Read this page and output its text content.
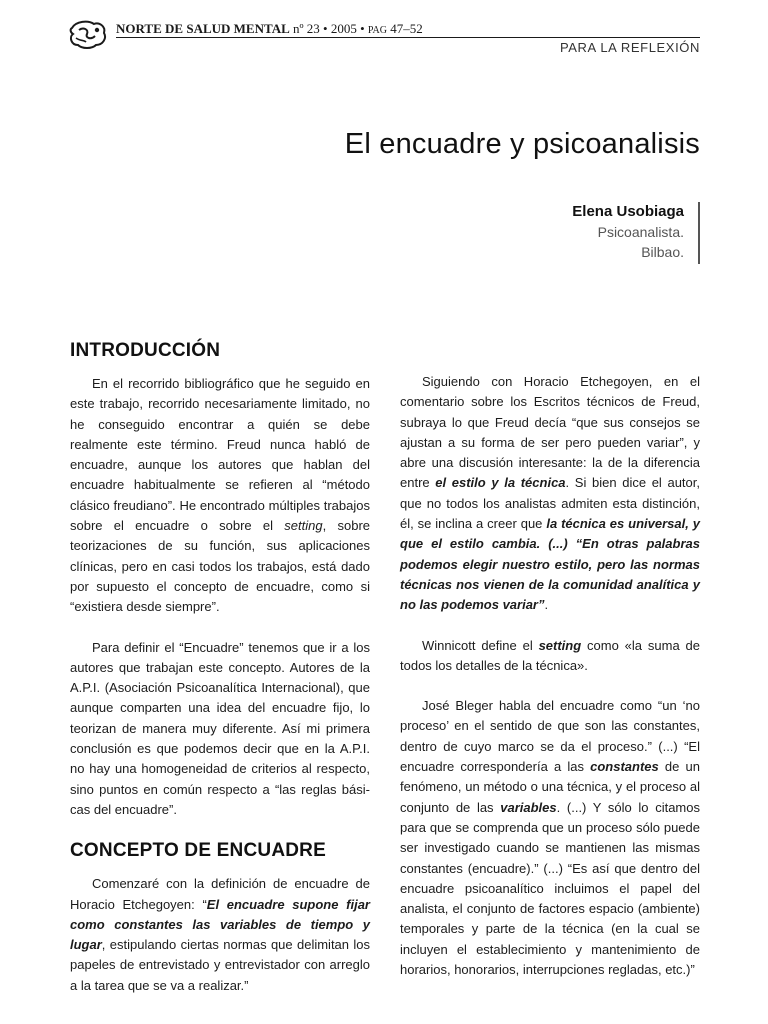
NORTE DE SALUD MENTAL nº 23 • 2005 • PAG 47–52

PARA LA REFLEXIÓN

El encuadre y psicoanalisis

Elena Usobiaga

Psicoanalista.

Bilbao.

INTRODUCCIÓN

En el recorrido bibliográfico que he seguido en este trabajo, recorrido necesariamente limitado, no he conseguido encontrar a quién se debe realmente este término. Freud nunca habló de encuadre, aunque los autores que hablan del encuadre habitualmente se refieren al “método clásico freudiano”. He encontrado múltiples trabajos sobre el encuadre o sobre el setting, sobre teorizaciones de su función, sus aplicaciones clínicas, pero en casi todos los trabajos, está dado por supuesto el concepto de encuadre, como si “existiera desde siempre”.

Para definir el “Encuadre” tenemos que ir a los autores que trabajan este concepto. Autores de la A.P.I. (Asociación Psicoanalítica Internacional), que aunque comparten una idea del encuadre fijo, lo teorizan de manera muy diferente. Así mi primera conclusión es que podemos decir que en la A.P.I. no hay una homogeneidad de criterios al respecto, sino puntos en común respecto a “las reglas básicas del encuadre”.

CONCEPTO DE ENCUADRE

Comenzaré con la definición de encuadre de Horacio Etchegoyen: “El encuadre supone fijar como constantes las variables de tiempo y lugar, estipulando ciertas normas que delimitan los papeles de entrevistado y entrevistador con arreglo a la tarea que se va a realizar.”

Siguiendo con Horacio Etchegoyen, en el comentario sobre los Escritos técnicos de Freud, subraya lo que Freud decía “que sus consejos se ajustan a su forma de ser pero pueden variar”, y abre una discusión interesante: la de la diferencia entre el estilo y la técnica. Si bien dice el autor, que no todos los analistas admiten esta distinción, él, se inclina a creer que la técnica es universal, y que el estilo cambia. (...) “En otras palabras podemos elegir nuestro estilo, pero las normas técnicas nos vienen de la comunidad analítica y no las podemos variar”.

Winnicott define el setting como «la suma de todos los detalles de la técnica».

José Bleger habla del encuadre como “un ‘no proceso’ en el sentido de que son las constantes, dentro de cuyo marco se da el proceso.” (...) “El encuadre correspondería a las constantes de un fenómeno, un método o una técnica, y el proceso al conjunto de las variables. (...) Y sólo lo citamos para que se comprenda que un proceso sólo puede ser investigado cuando se mantienen las mismas constantes (encuadre).” (...) “Es así que dentro del encuadre psicoanalítico incluimos el papel del analista, el conjunto de factores espacio (ambiente) temporales y parte de la técnica (en la cual se incluyen el establecimiento y mantenimiento de horarios, honorarios, interrupciones regladas, etc.)”
